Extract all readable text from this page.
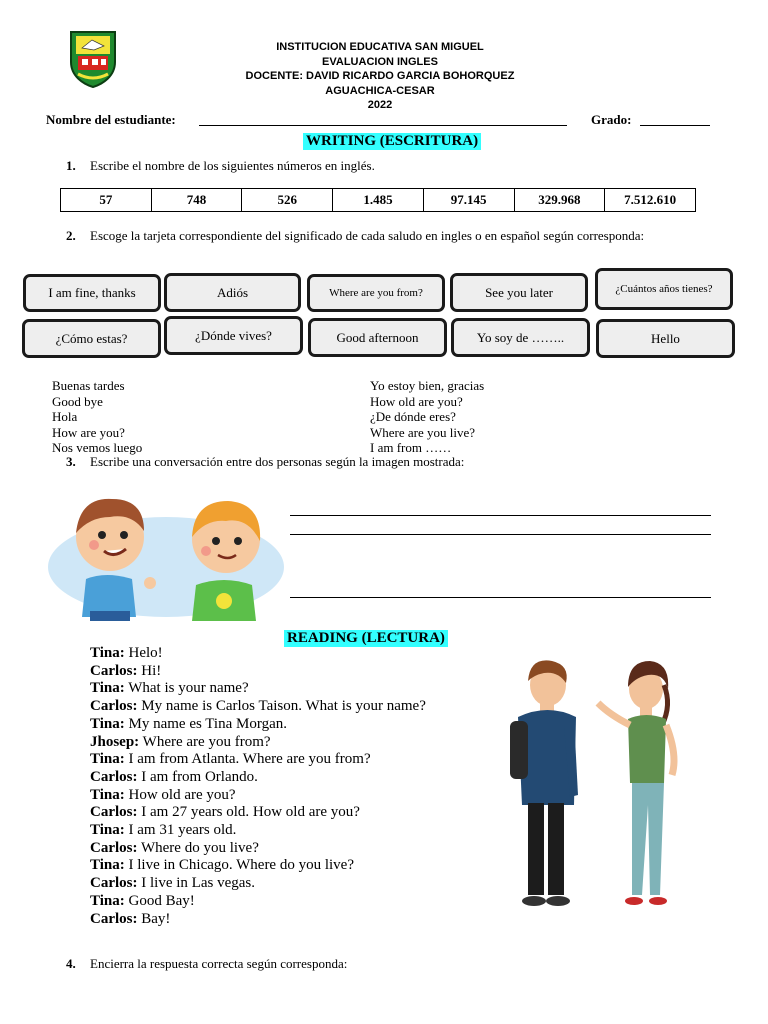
INSTITUCION EDUCATIVA SAN MIGUEL
EVALUACION INGLES
DOCENTE: DAVID RICARDO GARCIA BOHORQUEZ
AGUACHICA-CESAR
2022
Nombre del estudiante:	Grado:
WRITING (ESCRITURA)
1.	Escribe el nombre de los siguientes números en inglés.
57	748	526	1.485	97.145	329.968	7.512.610
2.	Escoge la tarjeta correspondiente del significado de cada saludo en ingles o en español según corresponda:
I am fine, thanks	Adiós	Where are you from?	See you later	¿Cuántos años tienes?
¿Cómo estas?	¿Dónde vives?	Good afternoon	Yo soy de ……..	Hello
Buenas tardes
Good bye
Hola
How are you?
Nos vemos luego
Yo estoy bien, gracias
How old are you?
¿De dónde eres?
Where are you live?
I am from ……
3.	Escribe una conversación entre dos personas según la imagen mostrada:
READING (LECTURA)
Tina: Helo!
Carlos: Hi!
Tina: What is your name?
Carlos: My name is Carlos Taison. What is your name?
Tina: My name es Tina Morgan.
Jhosep: Where are you from?
Tina: I am from Atlanta. Where are you from?
Carlos: I am from Orlando.
Tina: How old are you?
Carlos: I am 27 years old. How old are you?
Tina: I am 31 years old.
Carlos: Where do you live?
Tina: I live in Chicago. Where do you live?
Carlos: I live in Las vegas.
Tina: Good Bay!
Carlos: Bay!
4.	Encierra la respuesta correcta según corresponda:
